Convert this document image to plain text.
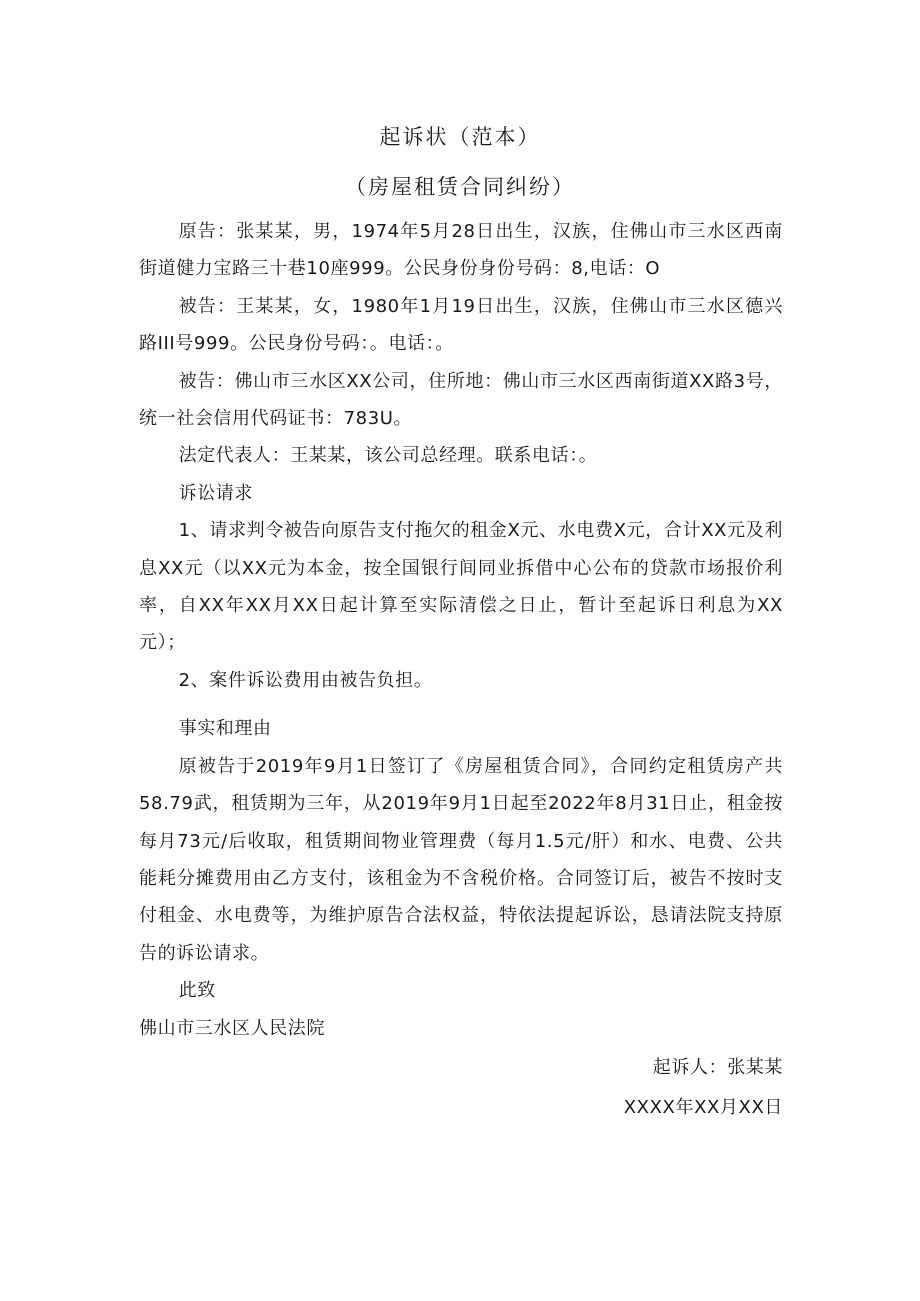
起诉状（范本）
（房屋租赁合同纠纷）

原告：张某某，男，1974年5月28日出生，汉族，住佛山市三水区西南街道健力宝路三十巷10座999。公民身份身份号码：8,电话：O

被告：王某某，女，1980年1月19日出生，汉族，住佛山市三水区德兴路III号999。公民身份号码：。电话：。

被告：佛山市三水区XX公司，住所地：佛山市三水区西南街道XX路3号，统一社会信用代码证书：783U。

法定代表人：王某某，该公司总经理。联系电话：。

诉讼请求

1、请求判令被告向原告支付拖欠的租金X元、水电费X元，合计XX元及利息XX元（以XX元为本金，按全国银行间同业拆借中心公布的贷款市场报价利率，自XX年XX月XX日起计算至实际清偿之日止，暂计至起诉日利息为XX元）；

2、案件诉讼费用由被告负担。

事实和理由

原被告于2019年9月1日签订了《房屋租赁合同》，合同约定租赁房产共58.79武，租赁期为三年，从2019年9月1日起至2022年8月31日止，租金按每月73元/后收取，租赁期间物业管理费（每月1.5元/肝）和水、电费、公共能耗分摊费用由乙方支付，该租金为不含税价格。合同签订后，被告不按时支付租金、水电费等，为维护原告合法权益，特依法提起诉讼，恳请法院支持原告的诉讼请求。

此致

佛山市三水区人民法院

起诉人：张某某

XXXX年XX月XX日
